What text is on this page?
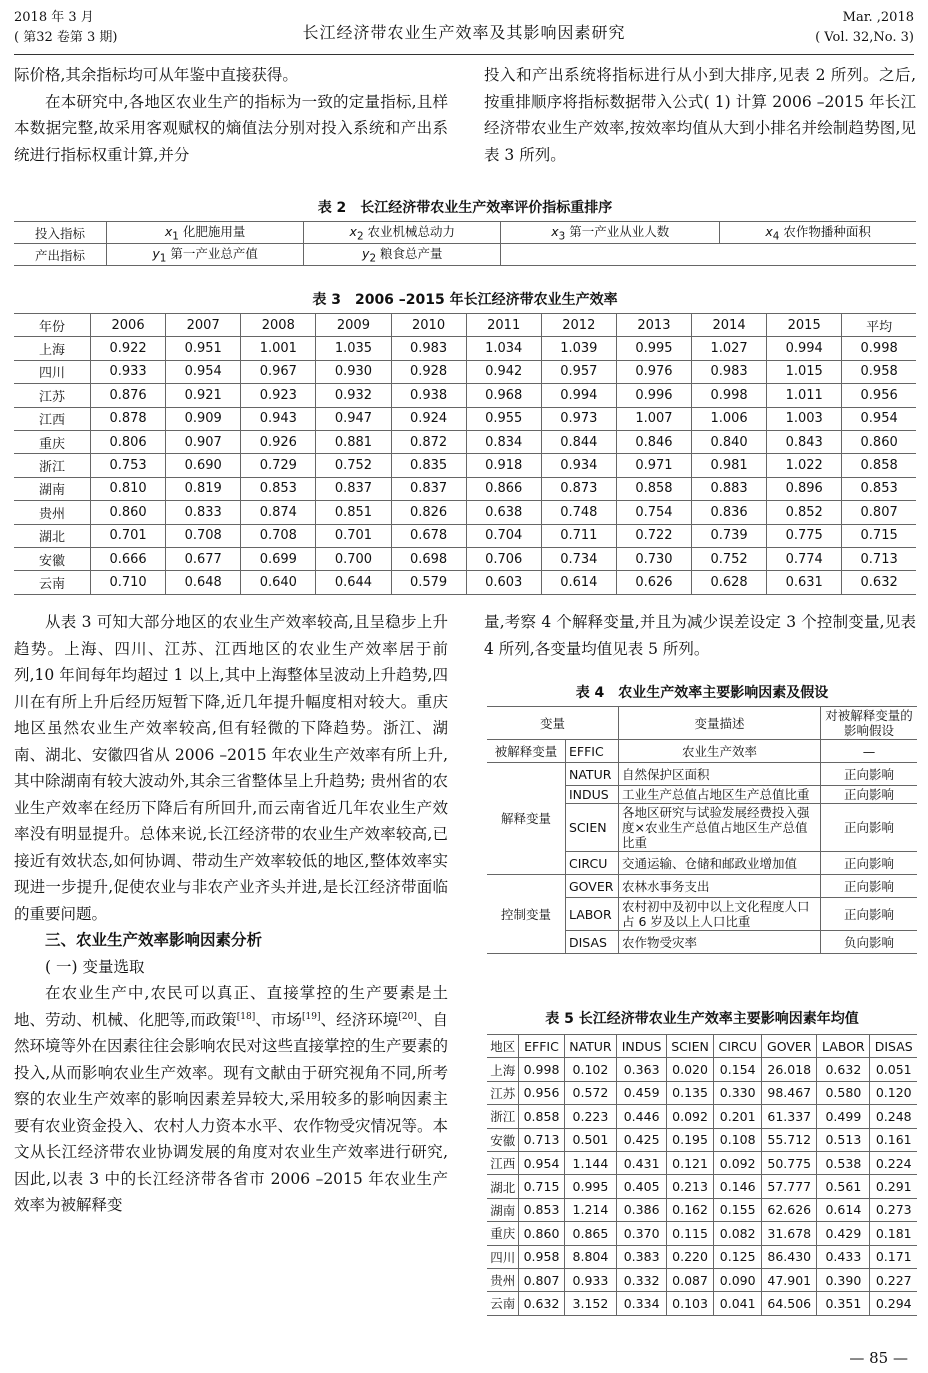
2018 年 3 月
( 第32 卷第 3 期)	长江经济带农业生产效率及其影响因素研究
Mar. ,2018
( Vol. 32,No. 3)

际价格,其余指标均可从年鉴中直接获得。

在本研究中,各地区农业生产的指标为一致的定量指标,且样本数据完整,故采用客观赋权的熵值法分别对投入系统和产出系统进行指标权重计算,并分

投入和产出系统将指标进行从小到大排序,见表 2 所列。之后,按重排顺序将指标数据带入公式( 1) 计算 2006 –2015 年长江经济带农业生产效率,按效率均值从大到小排名并绘制趋势图,见表 3 所列。

表 2　长江经济带农业生产效率评价指标重排序
投入指标	$x_1$ 化肥施用量	$x_2$ 农业机械总动力	$x_3$ 第一产业从业人数	$x_4$ 农作物播种面积
产出指标	$y_1$ 第一产业总产值	$y_2$ 粮食总产量		
表 3　2006 –2015 年长江经济带农业生产效率
年份	2006	2007	2008	2009	2010	2011	2012	2013	2014	2015	平均
上海	0.922	0.951	1.001	1.035	0.983	1.034	1.039	0.995	1.027	0.994	0.998
四川	0.933	0.954	0.967	0.930	0.928	0.942	0.957	0.976	0.983	1.015	0.958
江苏	0.876	0.921	0.923	0.932	0.938	0.968	0.994	0.996	0.998	1.011	0.956
江西	0.878	0.909	0.943	0.947	0.924	0.955	0.973	1.007	1.006	1.003	0.954
重庆	0.806	0.907	0.926	0.881	0.872	0.834	0.844	0.846	0.840	0.843	0.860
浙江	0.753	0.690	0.729	0.752	0.835	0.918	0.934	0.971	0.981	1.022	0.858
湖南	0.810	0.819	0.853	0.837	0.837	0.866	0.873	0.858	0.883	0.896	0.853
贵州	0.860	0.833	0.874	0.851	0.826	0.638	0.748	0.754	0.836	0.852	0.807
湖北	0.701	0.708	0.708	0.701	0.678	0.704	0.711	0.722	0.739	0.775	0.715
安徽	0.666	0.677	0.699	0.700	0.698	0.706	0.734	0.730	0.752	0.774	0.713
云南	0.710	0.648	0.640	0.644	0.579	0.603	0.614	0.626	0.628	0.631	0.632

从表 3 可知大部分地区的农业生产效率较高,且呈稳步上升趋势。上海、四川、江苏、江西地区的农业生产效率居于前列,10 年间每年均超过 1 以上,其中上海整体呈波动上升趋势,四川在有所上升后经历短暂下降,近几年提升幅度相对较大。重庆地区虽然农业生产效率较高,但有轻微的下降趋势。浙江、湖南、湖北、安徽四省从 2006 –2015 年农业生产效率有所上升,其中除湖南有较大波动外,其余三省整体呈上升趋势; 贵州省的农业生产效率在经历下降后有所回升,而云南省近几年农业生产效率没有明显提升。总体来说,长江经济带的农业生产效率较高,已接近有效状态,如何协调、带动生产效率较低的地区,整体效率实现进一步提升,促使农业与非农产业齐头并进,是长江经济带面临的重要问题。

三、农业生产效率影响因素分析

( 一) 变量选取

在农业生产中,农民可以真正、直接掌控的生产要素是土地、劳动、机械、化肥等,而政策[18]、市场[19]、经济环境[20]、自然环境等外在因素往往会影响农民对这些直接掌控的生产要素的投入,从而影响农业生产效率。现有文献由于研究视角不同,所考察的农业生产效率的影响因素差异较大,采用较多的影响因素主要有农业资金投入、农村人力资本水平、农作物受灾情况等。本文从长江经济带农业协调发展的角度对农业生产效率进行研究,因此,以表 3 中的长江经济带各省市 2006 –2015 年农业生产效率为被解释变

量,考察 4 个解释变量,并且为减少误差设定 3 个控制变量,见表 4 所列,各变量均值见表 5 所列。

表 4　农业生产效率主要影响因素及假设
变量		变量描述	对被解释变量的影响假设
被解释变量	EFFIC	农业生产效率	—
解释变量	NATUR	自然保护区面积	正向影响
	INDUS	工业生产总值占地区生产总值比重	正向影响
	SCIEN	各地区研究与试验发展经费投入强度×农业生产总值占地区生产总值比重	正向影响
	CIRCU	交通运输、仓储和邮政业增加值	正向影响
控制变量	GOVER	农林水事务支出	正向影响
	LABOR	农村初中及初中以上文化程度人口占 6 岁及以上人口比重	正向影响
	DISAS	农作物受灾率	负向影响
表 5 长江经济带农业生产效率主要影响因素年均值
地区	EFFIC	NATUR	INDUS	SCIEN	CIRCU	GOVER	LABOR	DISAS
上海	0.998	0.102	0.363	0.020	0.154	26.018	0.632	0.051
江苏	0.956	0.572	0.459	0.135	0.330	98.467	0.580	0.120
浙江	0.858	0.223	0.446	0.092	0.201	61.337	0.499	0.248
安徽	0.713	0.501	0.425	0.195	0.108	55.712	0.513	0.161
江西	0.954	1.144	0.431	0.121	0.092	50.775	0.538	0.224
湖北	0.715	0.995	0.405	0.213	0.146	57.777	0.561	0.291
湖南	0.853	1.214	0.386	0.162	0.155	62.626	0.614	0.273
重庆	0.860	0.865	0.370	0.115	0.082	31.678	0.429	0.181
四川	0.958	8.804	0.383	0.220	0.125	86.430	0.433	0.171
贵州	0.807	0.933	0.332	0.087	0.090	47.901	0.390	0.227
云南	0.632	3.152	0.334	0.103	0.041	64.506	0.351	0.294
— 85 —
